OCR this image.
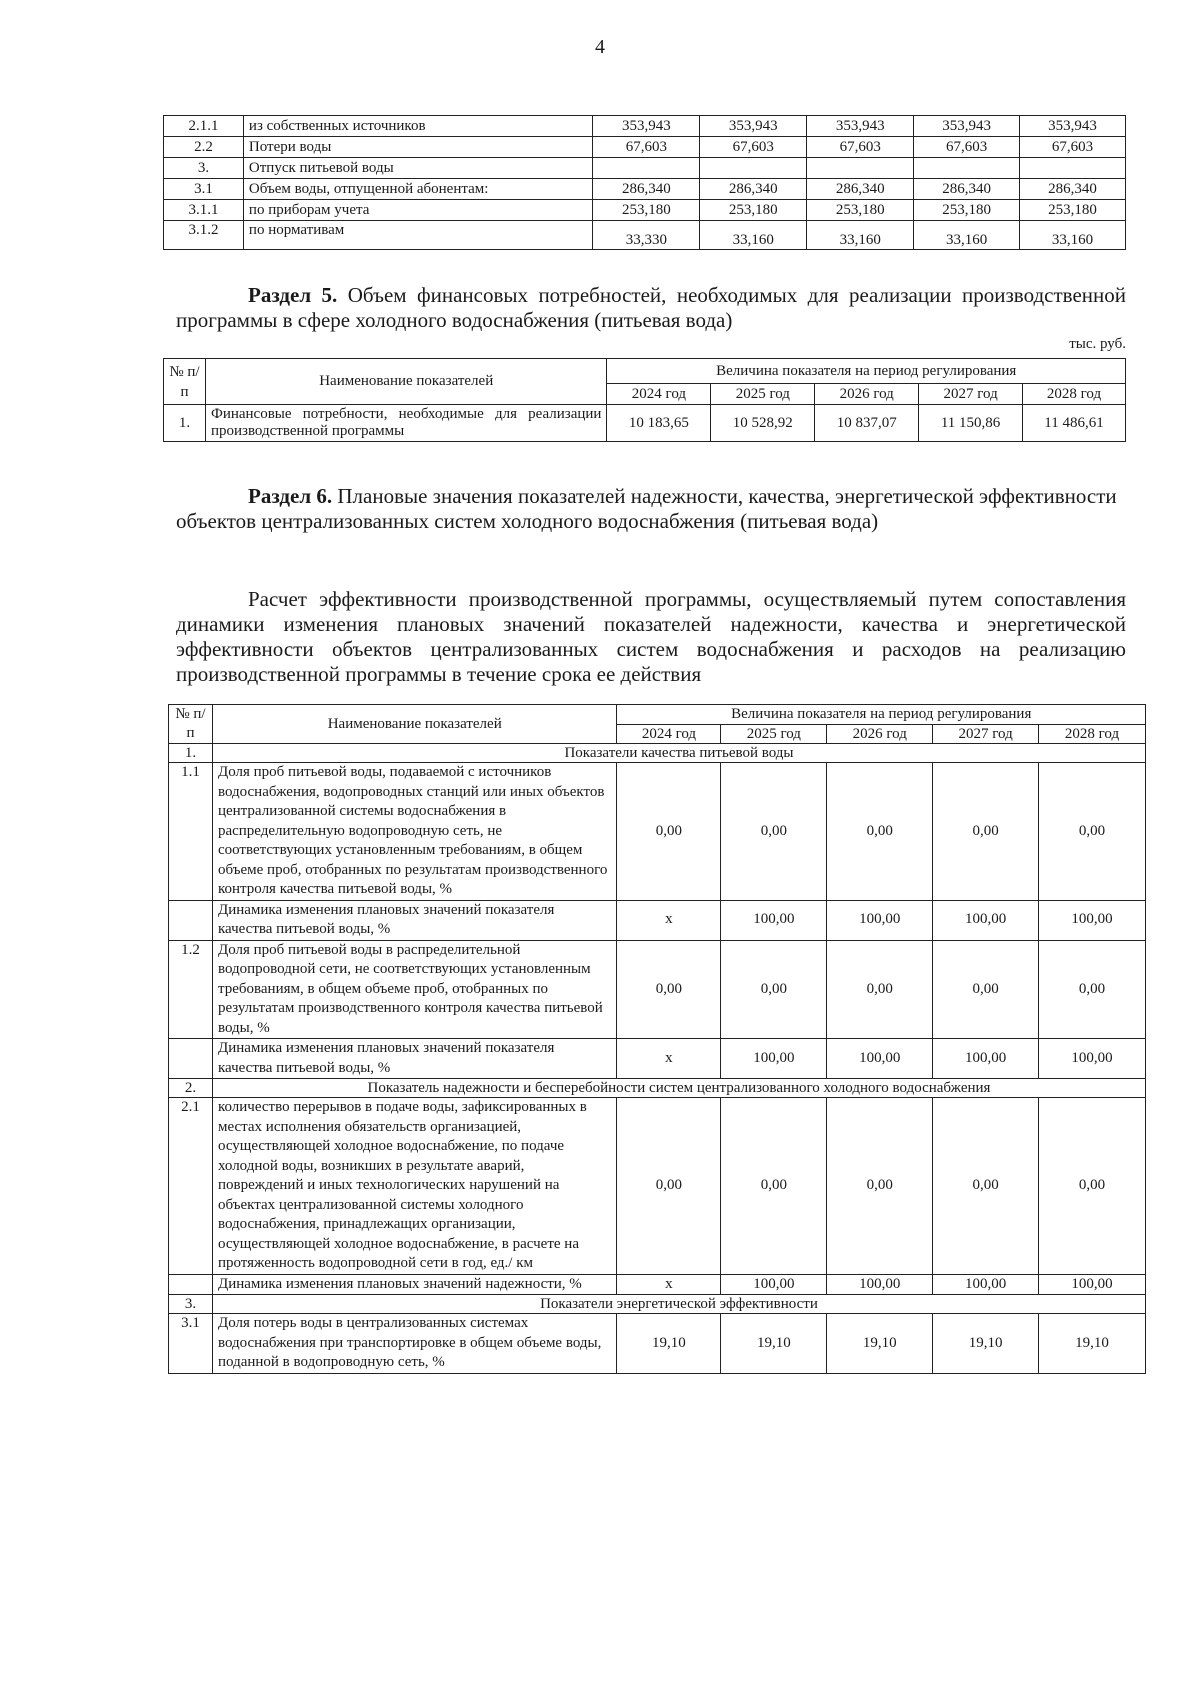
4
2.1.1	из собственных источников	353,943	353,943	353,943	353,943	353,943
2.2	Потери воды	67,603	67,603	67,603	67,603	67,603
3.	Отпуск питьевой воды					
3.1	Объем воды, отпущенной абонентам:	286,340	286,340	286,340	286,340	286,340
3.1.1	по приборам учета	253,180	253,180	253,180	253,180	253,180
3.1.2	по нормативам	33,330	33,160	33,160	33,160	33,160
Раздел 5. Объем финансовых потребностей, необходимых для реализации производственной программы в сфере холодного водоснабжения (питьевая вода)
тыс. руб.
№ п/п	Наименование показателей	Величина показателя на период регулирования				
		2024 год	2025 год	2026 год	2027 год	2028 год
1.	Финансовые потребности, необходимые для реализации производственной программы	10 183,65	10 528,92	10 837,07	11 150,86	11 486,61
Раздел 6. Плановые значения показателей надежности, качества, энергетической эффективности объектов централизованных систем холодного водоснабжения (питьевая вода)
Расчет эффективности производственной программы, осуществляемый путем сопоставления динамики изменения плановых значений показателей надежности, качества и энергетической эффективности объектов централизованных систем водоснабжения и расходов на реализацию производственной программы в течение срока ее действия
№ п/п	Наименование показателей	Величина показателя на период регулирования				
		2024 год	2025 год	2026 год	2027 год	2028 год
1.	Показатели качества питьевой воды					
1.1	Доля проб питьевой воды, подаваемой с источников водоснабжения, водопроводных станций или иных объектов централизованной системы водоснабжения в распределительную водопроводную сеть, не соответствующих установленным требованиям, в общем объеме проб, отобранных по результатам производственного контроля качества питьевой воды, %	0,00	0,00	0,00	0,00	0,00
	Динамика изменения плановых значений показателя качества питьевой воды, %	х	100,00	100,00	100,00	100,00
1.2	Доля проб питьевой воды в распределительной водопроводной сети, не соответствующих установленным требованиям, в общем объеме проб, отобранных по результатам производственного контроля качества питьевой воды, %	0,00	0,00	0,00	0,00	0,00
	Динамика изменения плановых значений показателя качества питьевой воды, %	х	100,00	100,00	100,00	100,00
2.	Показатель надежности и бесперебойности систем централизованного холодного водоснабжения					
2.1	количество перерывов в подаче воды, зафиксированных в местах исполнения обязательств организацией, осуществляющей холодное водоснабжение, по подаче холодной воды, возникших в результате аварий, повреждений и иных технологических нарушений на объектах централизованной системы холодного водоснабжения, принадлежащих организации, осуществляющей холодное водоснабжение, в расчете на протяженность водопроводной сети в год, ед./ км	0,00	0,00	0,00	0,00	0,00
	Динамика изменения плановых значений надежности, %	х	100,00	100,00	100,00	100,00
3.	Показатели энергетической эффективности					
3.1	Доля потерь воды в централизованных системах водоснабжения при транспортировке в общем объеме воды, поданной в водопроводную сеть, %	19,10	19,10	19,10	19,10	19,10
